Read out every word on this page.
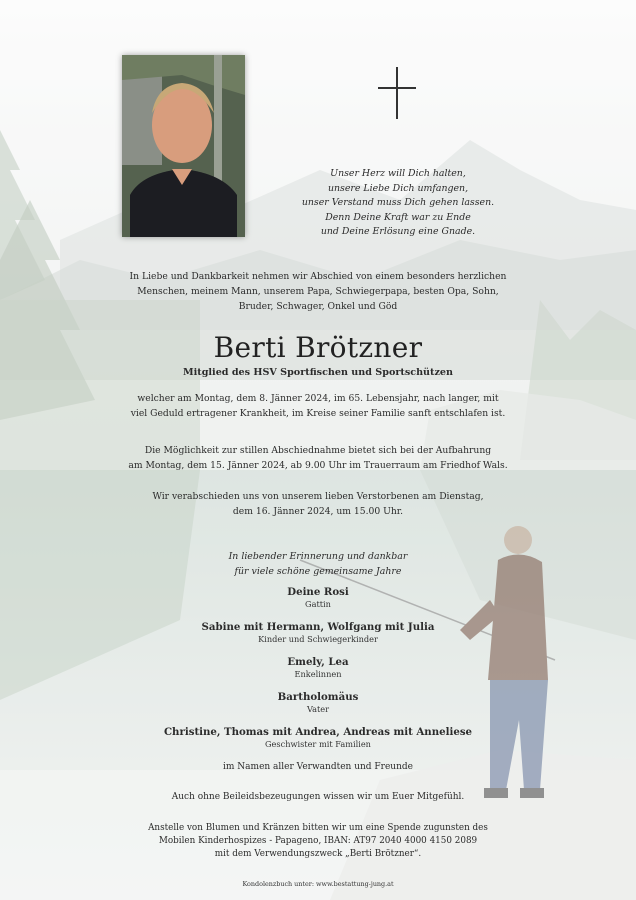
Unser Herz will Dich halten,
unsere Liebe Dich umfangen,
unser Verstand muss Dich gehen lassen.
Denn Deine Kraft war zu Ende
und Deine Erlösung eine Gnade.
In Liebe und Dankbarkeit nehmen wir Abschied von einem besonders herzlichen
Menschen, meinem Mann, unserem Papa, Schwiegerpapa, besten Opa, Sohn,
Bruder, Schwager, Onkel und Göd
Berti Brötzner
Mitglied des HSV Sportfischen und Sportschützen
welcher am Montag, dem 8. Jänner 2024, im 65. Lebensjahr, nach langer, mit
viel Geduld ertragener Krankheit, im Kreise seiner Familie sanft entschlafen ist.
Die Möglichkeit zur stillen Abschiednahme bietet sich bei der Aufbahrung
am Montag, dem 15. Jänner 2024, ab 9.00 Uhr im Trauerraum am Friedhof Wals.
Wir verabschieden uns von unserem lieben Verstorbenen am Dienstag,
dem 16. Jänner 2024, um 15.00 Uhr.
In liebender Erinnerung und dankbar
für viele schöne gemeinsame Jahre
Deine Rosi
Gattin
Sabine mit Hermann, Wolfgang mit Julia
Kinder und Schwiegerkinder
Emely, Lea
Enkelinnen
Bartholomäus
Vater
Christine, Thomas mit Andrea, Andreas mit Anneliese
Geschwister mit Familien
im Namen aller Verwandten und Freunde
Auch ohne Beileidsbezeugungen wissen wir um Euer Mitgefühl.
Anstelle von Blumen und Kränzen bitten wir um eine Spende zugunsten des
Mobilen Kinderhospizes - Papageno, IBAN: AT97 2040 4000 4150 2089
mit dem Verwendungszweck „Berti Brötzner“.
Kondolenzbuch unter: www.bestattung-jung.at
